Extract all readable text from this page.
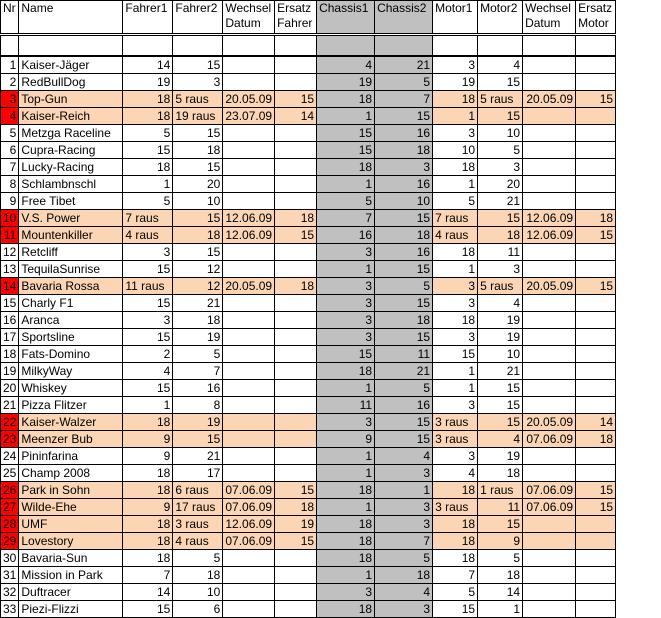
Nr	Name	Fahrer1	Fahrer2	Wechsel Datum	Ersatz Fahrer	Chassis1	Chassis2	Motor1	Motor2	Wechsel Datum	Ersatz Motor

1	Kaiser-Jäger	14	15			4	21	3	4		
2	RedBullDog	19	3			19	5	19	15		
3	Top-Gun	18	5 raus	20.05.09	15	18	7	18	5 raus	20.05.09	15
4	Kaiser-Reich	18	19 raus	23.07.09	14	1	15	1	15		
5	Metzga Raceline	5	15			15	16	3	10		
6	Cupra-Racing	15	18			15	18	10	5		
7	Lucky-Racing	18	15			18	3	18	3		
8	Schlambnschl	1	20			1	16	1	20		
9	Free Tibet	5	10			5	10	5	21		
10	V.S. Power	7 raus	15	12.06.09	18	7	15	7 raus	15	12.06.09	18
11	Mountenkiller	4 raus	18	12.06.09	15	16	18	4 raus	18	12.06.09	15
12	Retcliff	3	15			3	16	18	11		
13	TequilaSunrise	15	12			1	15	1	3		
14	Bavaria Rossa	11 raus	12	20.05.09	18	3	5	3	5 raus	20.05.09	15
15	Charly F1	15	21			3	15	3	4		
16	Aranca	3	18			3	18	18	19		
17	Sportsline	15	19			3	15	3	19		
18	Fats-Domino	2	5			15	11	15	10		
19	MilkyWay	4	7			18	21	1	21		
20	Whiskey	15	16			1	5	1	15		
21	Pizza Flitzer	1	8			11	16	3	15		
22	Kaiser-Walzer	18	19			3	15	3 raus	15	20.05.09	14
23	Meenzer Bub	9	15			9	15	3 raus	4	07.06.09	18
24	Pininfarina	9	21			1	4	3	19		
25	Champ 2008	18	17			1	3	4	18		
26	Park in Sohn	18	6 raus	07.06.09	15	18	1	18	1 raus	07.06.09	15
27	Wilde-Ehe	9	17 raus	07.06.09	18	1	3	3 raus	11	07.06.09	15
28	UMF	18	3 raus	12.06.09	19	18	3	18	15		
29	Lovestory	18	4 raus	07.06.09	15	18	7	18	9		
30	Bavaria-Sun	18	5			18	5	18	5		
31	Mission in Park	7	18			1	18	7	18		
32	Duftracer	14	10			3	4	5	14		
33	Piezi-Flizzi	15	6			18	3	15	1		
